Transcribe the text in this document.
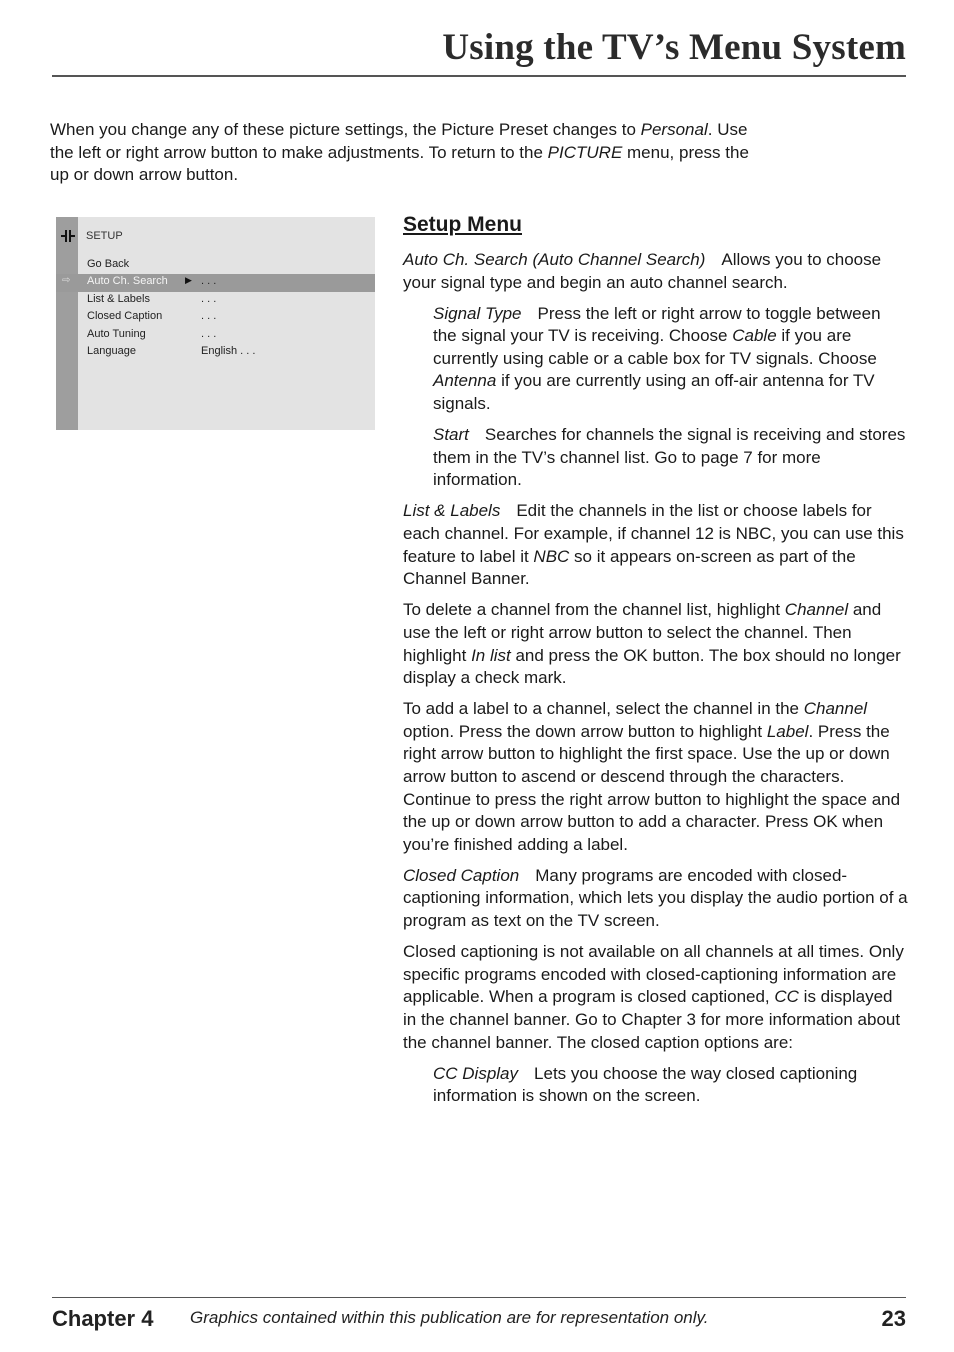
Using the TV’s Menu System
When you change any of these picture settings, the Picture Preset changes to Personal. Use the left or right arrow button to make adjustments. To return to the PICTURE menu, press the up or down arrow button.
SETUP
Go Back
⇨ Auto Ch. Search ▶ . . .
List & Labels	. . .
Closed Caption	. . .
Auto Tuning	. . .
Language	English . . .
Setup Menu

Auto Ch. Search (Auto Channel Search) Allows you to choose your signal type and begin an auto channel search.

Signal Type Press the left or right arrow to toggle between the signal your TV is receiving. Choose Cable if you are currently using cable or a cable box for TV signals. Choose Antenna if you are currently using an off-air antenna for TV signals.

Start Searches for channels the signal is receiving and stores them in the TV’s channel list. Go to page 7 for more information.

List & Labels Edit the channels in the list or choose labels for each channel. For example, if channel 12 is NBC, you can use this feature to label it NBC so it appears on-screen as part of the Channel Banner.

To delete a channel from the channel list, highlight Channel and use the left or right arrow button to select the channel. Then highlight In list and press the OK button. The box should no longer display a check mark.

To add a label to a channel, select the channel in the Channel option. Press the down arrow button to highlight Label. Press the right arrow button to highlight the first space. Use the up or down arrow button to ascend or descend through the characters. Continue to press the right arrow button to highlight the space and the up or down arrow button to add a character. Press OK when you’re finished adding a label.

Closed Caption Many programs are encoded with closed-captioning information, which lets you display the audio portion of a program as text on the TV screen.

Closed captioning is not available on all channels at all times. Only specific programs encoded with closed-captioning information are applicable. When a program is closed captioned, CC is displayed in the channel banner. Go to Chapter 3 for more information about the channel banner. The closed caption options are:

CC Display Lets you choose the way closed captioning information is shown on the screen.

Chapter 4 Graphics contained within this publication are for representation only.	23
